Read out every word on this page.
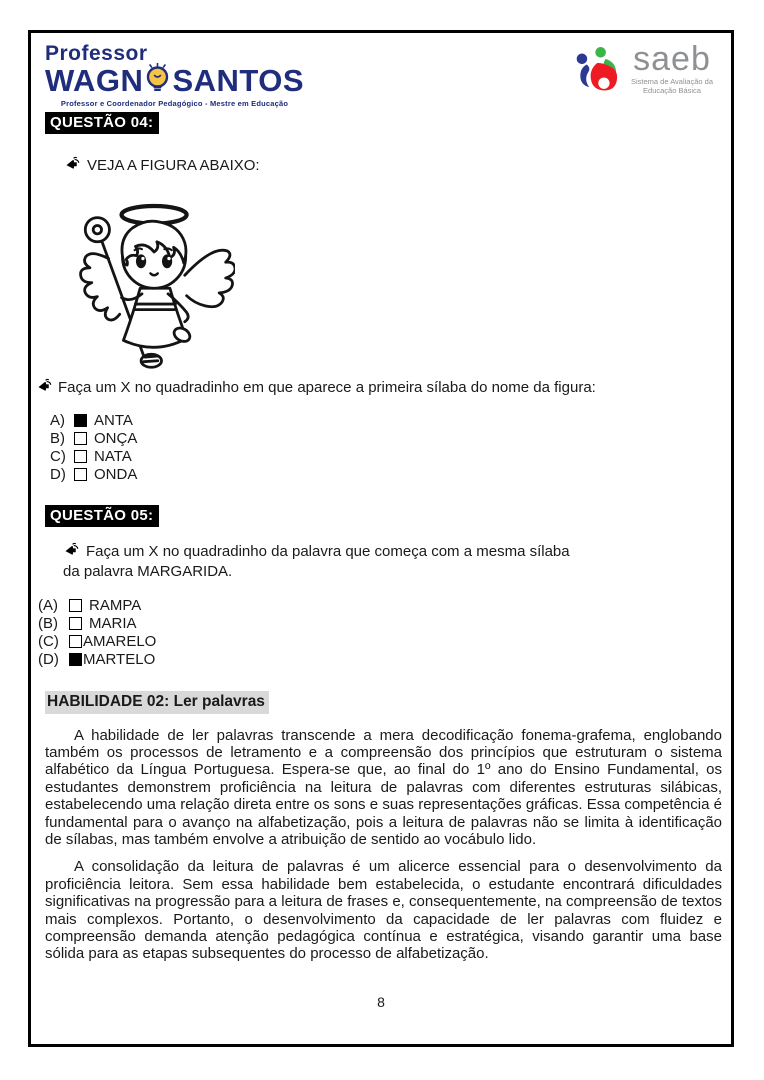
Professor
WAGN SANTOS
Professor e Coordenador Pedagógico - Mestre em Educação
saeb
Sistema de Avaliação da
Educação Básica
QUESTÃO 04:
VEJA A FIGURA ABAIXO:
Faça um X no quadradinho em que aparece a primeira sílaba do nome da figura:
A)	ANTA
B)	ONÇA
C)	NATA
D)	ONDA
QUESTÃO 05:
Faça um X no quadradinho da palavra que começa com a mesma sílaba
da palavra MARGARIDA.
(A)	RAMPA
(B)	MARIA
(C)	AMARELO
(D)	MARTELO
HABILIDADE 02: Ler palavras

A habilidade de ler palavras transcende a mera decodificação fonema-grafema, englobando também os processos de letramento e a compreensão dos princípios que estruturam o sistema alfabético da Língua Portuguesa. Espera-se que, ao final do 1º ano do Ensino Fundamental, os estudantes demonstrem proficiência na leitura de palavras com diferentes estruturas silábicas, estabelecendo uma relação direta entre os sons e suas representações gráficas. Essa competência é fundamental para o avanço na alfabetização, pois a leitura de palavras não se limita à identificação de sílabas, mas também envolve a atribuição de sentido ao vocábulo lido.

A consolidação da leitura de palavras é um alicerce essencial para o desenvolvimento da proficiência leitora. Sem essa habilidade bem estabelecida, o estudante encontrará dificuldades significativas na progressão para a leitura de frases e, consequentemente, na compreensão de textos mais complexos. Portanto, o desenvolvimento da capacidade de ler palavras com fluidez e compreensão demanda atenção pedagógica contínua e estratégica, visando garantir uma base sólida para as etapas subsequentes do processo de alfabetização.

8
